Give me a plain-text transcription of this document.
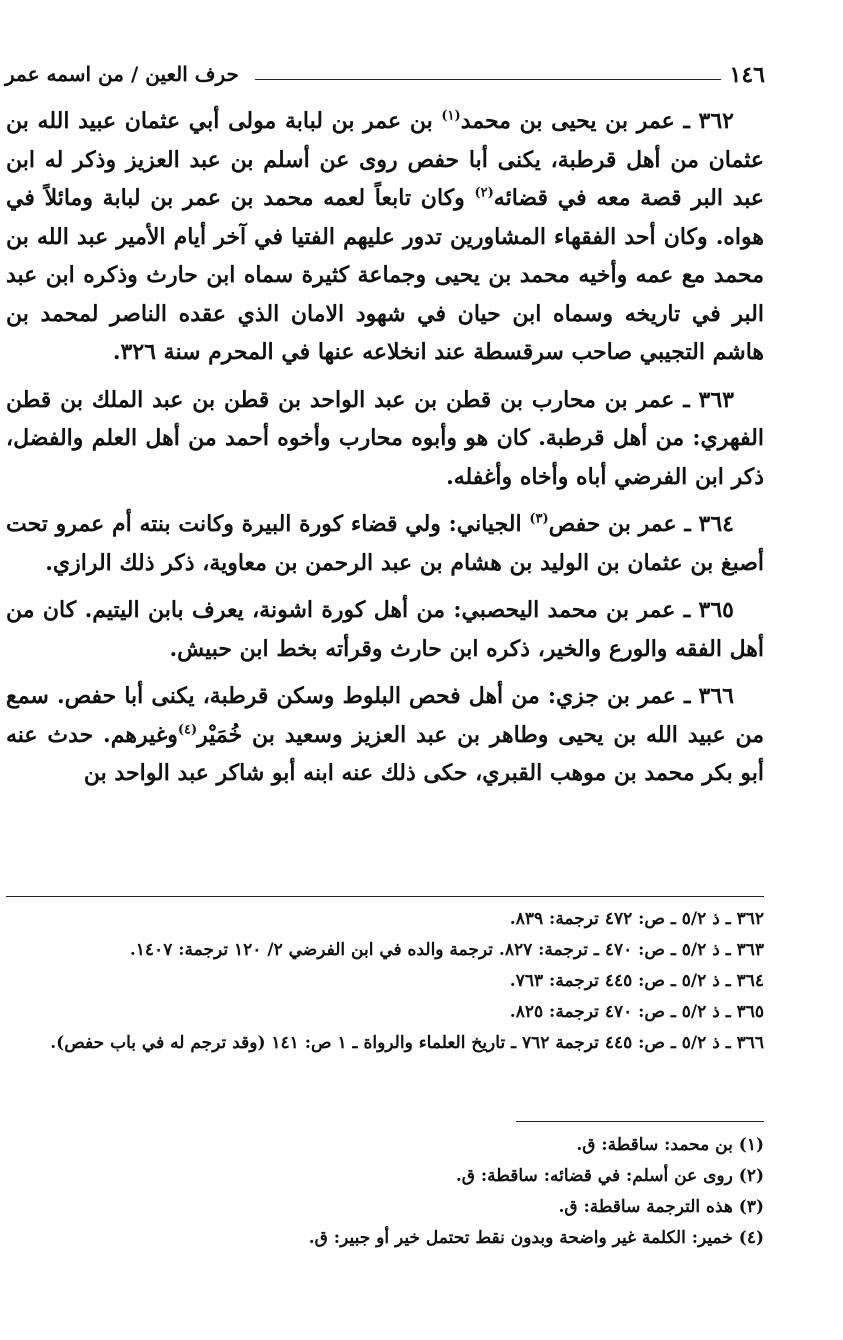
١٤٦
حرف العين / من اسمه عمر

٣٦٢ ـ عمر بن يحيى بن محمد$^{(١)}$ بن عمر بن لبابة مولى أبي عثمان عبيد الله بن عثمان من أهل قرطبة، يكنى أبا حفص روى عن أسلم بن عبد العزيز وذكر له ابن عبد البر قصة معه في قضائه$^{(٢)}$ وكان تابعاً لعمه محمد بن عمر بن لبابة ومائلاً في هواه. وكان أحد الفقهاء المشاورين تدور عليهم الفتيا في آخر أيام الأمير عبد الله بن محمد مع عمه وأخيه محمد بن يحيى وجماعة كثيرة سماه ابن حارث وذكره ابن عبد البر في تاريخه وسماه ابن حيان في شهود الامان الذي عقده الناصر لمحمد بن هاشم التجيبي صاحب سرقسطة عند انخلاعه عنها في المحرم سنة ٣٢٦.

٣٦٣ ـ عمر بن محارب بن قطن بن عبد الواحد بن قطن بن عبد الملك بن قطن الفهري: من أهل قرطبة. كان هو وأبوه محارب وأخوه أحمد من أهل العلم والفضل، ذكر ابن الفرضي أباه وأخاه وأغفله.

٣٦٤ ـ عمر بن حفص$^{(٣)}$ الجياني: ولي قضاء كورة البيرة وكانت بنته أم عمرو تحت أصبغ بن عثمان بن الوليد بن هشام بن عبد الرحمن بن معاوية، ذكر ذلك الرازي.

٣٦٥ ـ عمر بن محمد اليحصبي: من أهل كورة اشونة، يعرف بابن اليتيم. كان من أهل الفقه والورع والخير، ذكره ابن حارث وقرأته بخط ابن حبيش.

٣٦٦ ـ عمر بن جزي: من أهل فحص البلوط وسكن قرطبة، يكنى أبا حفص. سمع من عبيد الله بن يحيى وطاهر بن عبد العزيز وسعيد بن خُمَيْر$^{(٤)}$وغيرهم. حدث عنه أبو بكر محمد بن موهب القبري، حكى ذلك عنه ابنه أبو شاكر عبد الواحد بن

٣٦٢ ـ ذ ٥/٢ ـ ص: ٤٧٢ ترجمة: ٨٣٩.
٣٦٣ ـ ذ ٥/٢ ـ ص: ٤٧٠ ـ ترجمة: ٨٢٧. ترجمة والده في ابن الفرضي ٢/ ١٢٠ ترجمة: ١٤٠٧.
٣٦٤ ـ ذ ٥/٢ ـ ص: ٤٤٥ ترجمة: ٧٦٣.
٣٦٥ ـ ذ ٥/٢ ـ ص: ٤٧٠ ترجمة: ٨٢٥.
٣٦٦ ـ ذ ٥/٢ ـ ص: ٤٤٥ ترجمة ٧٦٢ ـ تاريخ العلماء والرواة ـ ١ ص: ١٤١ (وقد ترجم له في باب حفص).
(١) بن محمد: ساقطة: ق.
(٢) روى عن أسلم: في قضائه: ساقطة: ق.
(٣) هذه الترجمة ساقطة: ق.
(٤) خمير: الكلمة غير واضحة وبدون نقط تحتمل خير أو جبير: ق.
